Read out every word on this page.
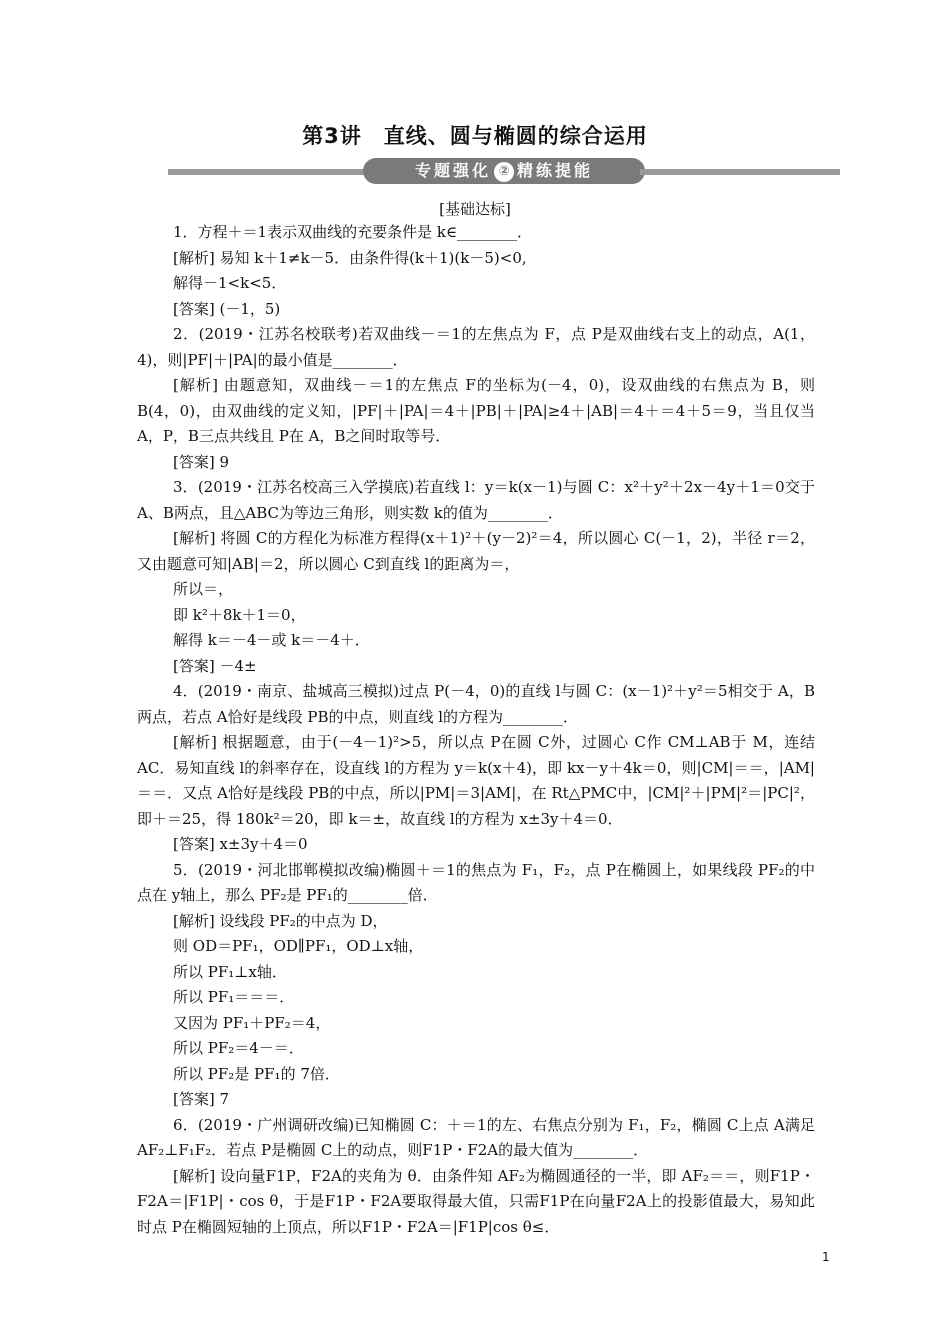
第3讲　直线、圆与椭圆的综合运用
专题强化 ② 精练提能
[基础达标]

1．方程＋＝1表示双曲线的充要条件是 k∈________．

[解析] 易知 k＋1≠k－5．由条件得(k＋1)(k－5)<0,

解得－1<k<5．

[答案] (－1，5)

2．(2019・江苏名校联考)若双曲线－＝1的左焦点为 F，点 P是双曲线右支上的动点，A(1，4)，则|PF|＋|PA|的最小值是________．

[解析] 由题意知，双曲线－＝1的左焦点 F的坐标为(－4，0)，设双曲线的右焦点为 B，则 B(4，0)，由双曲线的定义知，|PF|＋|PA|＝4＋|PB|＋|PA|≥4＋|AB|＝4＋＝4＋5＝9，当且仅当 A，P，B三点共线且 P在 A，B之间时取等号．

[答案] 9

3．(2019・江苏名校高三入学摸底)若直线 l：y＝k(x－1)与圆 C：x²＋y²＋2x－4y＋1＝0交于 A、B两点，且△ABC为等边三角形，则实数 k的值为________．

[解析] 将圆 C的方程化为标准方程得(x＋1)²＋(y－2)²＝4，所以圆心 C(－1，2)，半径 r＝2，又由题意可知|AB|＝2，所以圆心 C到直线 l的距离为＝，

所以＝，

即 k²＋8k＋1＝0，

解得 k＝－4－或 k＝－4＋．

[答案] －4±

4．(2019・南京、盐城高三模拟)过点 P(－4，0)的直线 l与圆 C：(x－1)²＋y²＝5相交于 A，B两点，若点 A恰好是线段 PB的中点，则直线 l的方程为________．

[解析] 根据题意，由于(－4－1)²>5，所以点 P在圆 C外，过圆心 C作 CM⊥AB于 M，连结 AC．易知直线 l的斜率存在，设直线 l的方程为 y＝k(x＋4)，即 kx－y＋4k＝0，则|CM|＝＝，|AM|＝＝．又点 A恰好是线段 PB的中点，所以|PM|＝3|AM|，在 Rt△PMC中，|CM|²＋|PM|²＝|PC|²，即＋＝25，得 180k²＝20，即 k＝±，故直线 l的方程为 x±3y＋4＝0．

[答案] x±3y＋4＝0

5．(2019・河北邯郸模拟改编)椭圆＋＝1的焦点为 F₁，F₂，点 P在椭圆上，如果线段 PF₂的中点在 y轴上，那么 PF₂是 PF₁的________倍．

[解析] 设线段 PF₂的中点为 D，

则 OD＝PF₁，OD∥PF₁，OD⊥x轴，

所以 PF₁⊥x轴．

所以 PF₁＝＝＝．

又因为 PF₁＋PF₂＝4，

所以 PF₂＝4－＝．

所以 PF₂是 PF₁的 7倍．

[答案] 7

6．(2019・广州调研改编)已知椭圆 C：＋＝1的左、右焦点分别为 F₁，F₂，椭圆 C上点 A满足 AF₂⊥F₁F₂．若点 P是椭圆 C上的动点，则F1P・F2A的最大值为________．

[解析] 设向量F1P，F2A的夹角为 θ．由条件知 AF₂为椭圆通径的一半，即 AF₂＝＝，则F1P・F2A＝|F1P|・cos θ，于是F1P・F2A要取得最大值，只需F1P在向量F2A上的投影值最大，易知此时点 P在椭圆短轴的上顶点，所以F1P・F2A＝|F1P|cos θ≤．

1
